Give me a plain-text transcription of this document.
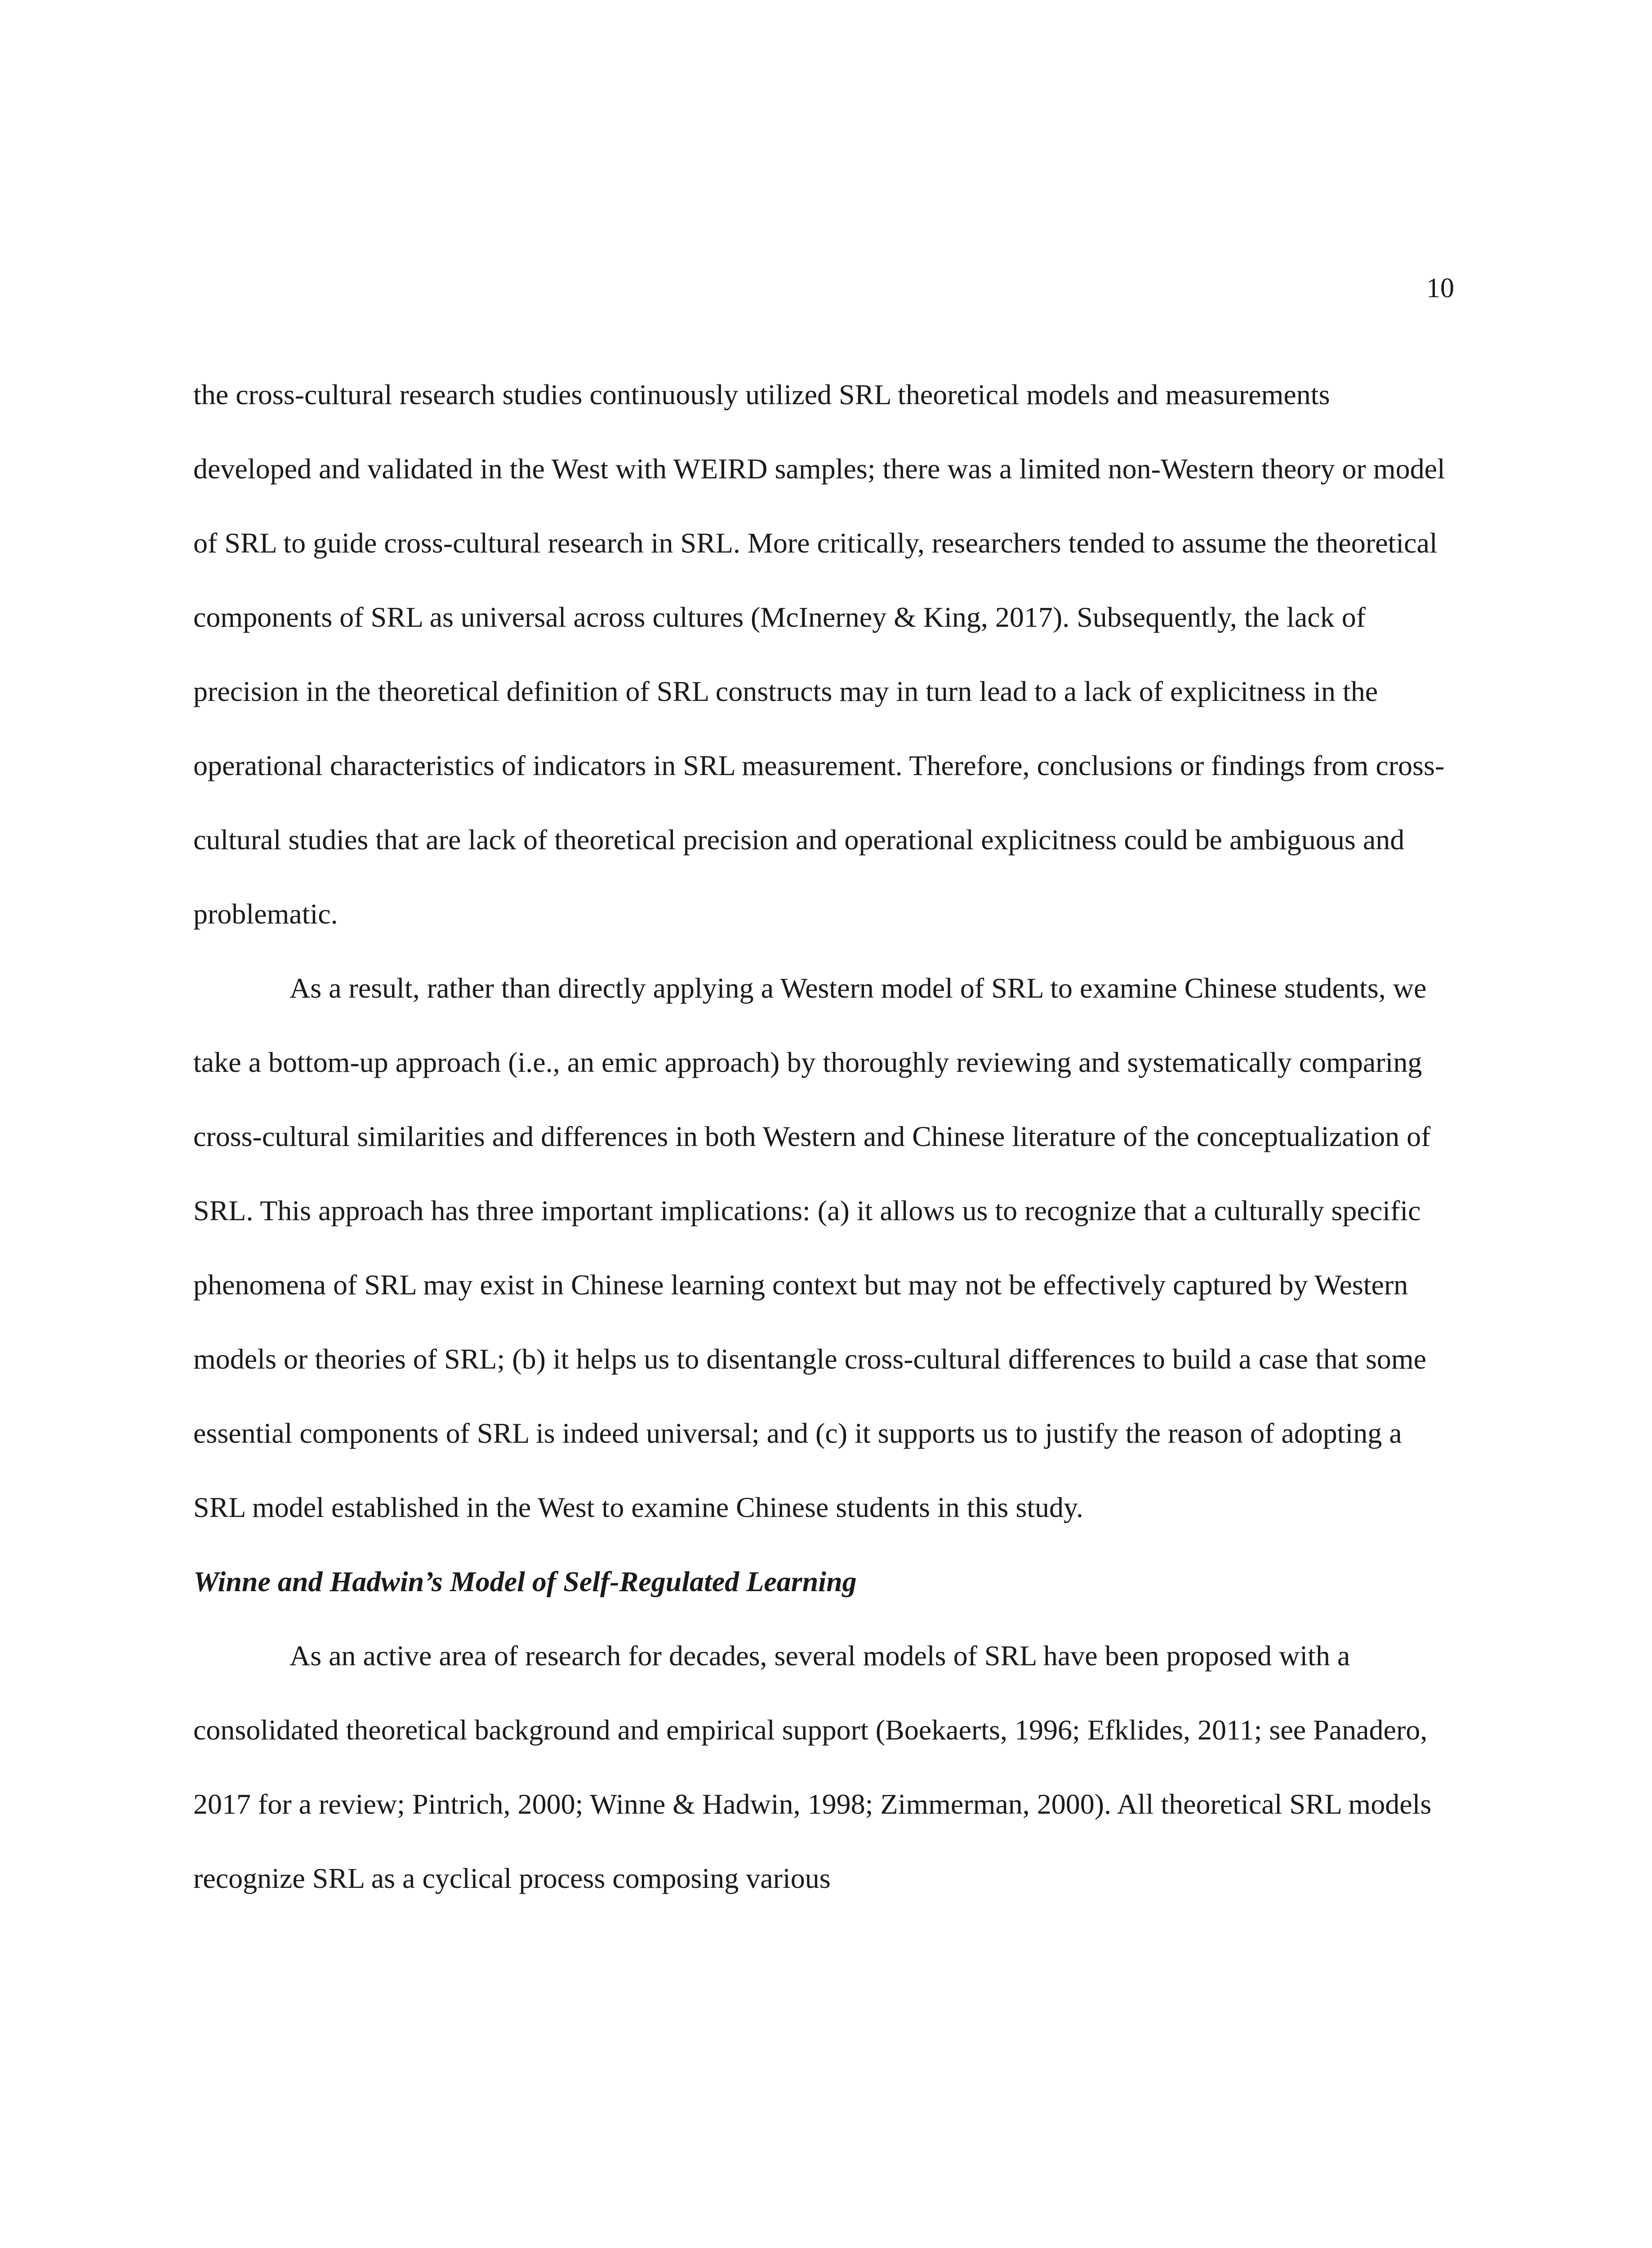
10

the cross-cultural research studies continuously utilized SRL theoretical models and measurements developed and validated in the West with WEIRD samples; there was a limited non-Western theory or model of SRL to guide cross-cultural research in SRL. More critically, researchers tended to assume the theoretical components of SRL as universal across cultures (McInerney & King, 2017). Subsequently, the lack of precision in the theoretical definition of SRL constructs may in turn lead to a lack of explicitness in the operational characteristics of indicators in SRL measurement. Therefore, conclusions or findings from cross-cultural studies that are lack of theoretical precision and operational explicitness could be ambiguous and problematic.

As a result, rather than directly applying a Western model of SRL to examine Chinese students, we take a bottom-up approach (i.e., an emic approach) by thoroughly reviewing and systematically comparing cross-cultural similarities and differences in both Western and Chinese literature of the conceptualization of SRL. This approach has three important implications: (a) it allows us to recognize that a culturally specific phenomena of SRL may exist in Chinese learning context but may not be effectively captured by Western models or theories of SRL; (b) it helps us to disentangle cross-cultural differences to build a case that some essential components of SRL is indeed universal; and (c) it supports us to justify the reason of adopting a SRL model established in the West to examine Chinese students in this study.

Winne and Hadwin’s Model of Self-Regulated Learning

As an active area of research for decades, several models of SRL have been proposed with a consolidated theoretical background and empirical support (Boekaerts, 1996; Efklides, 2011; see Panadero, 2017 for a review; Pintrich, 2000; Winne & Hadwin, 1998; Zimmerman, 2000). All theoretical SRL models recognize SRL as a cyclical process composing various
